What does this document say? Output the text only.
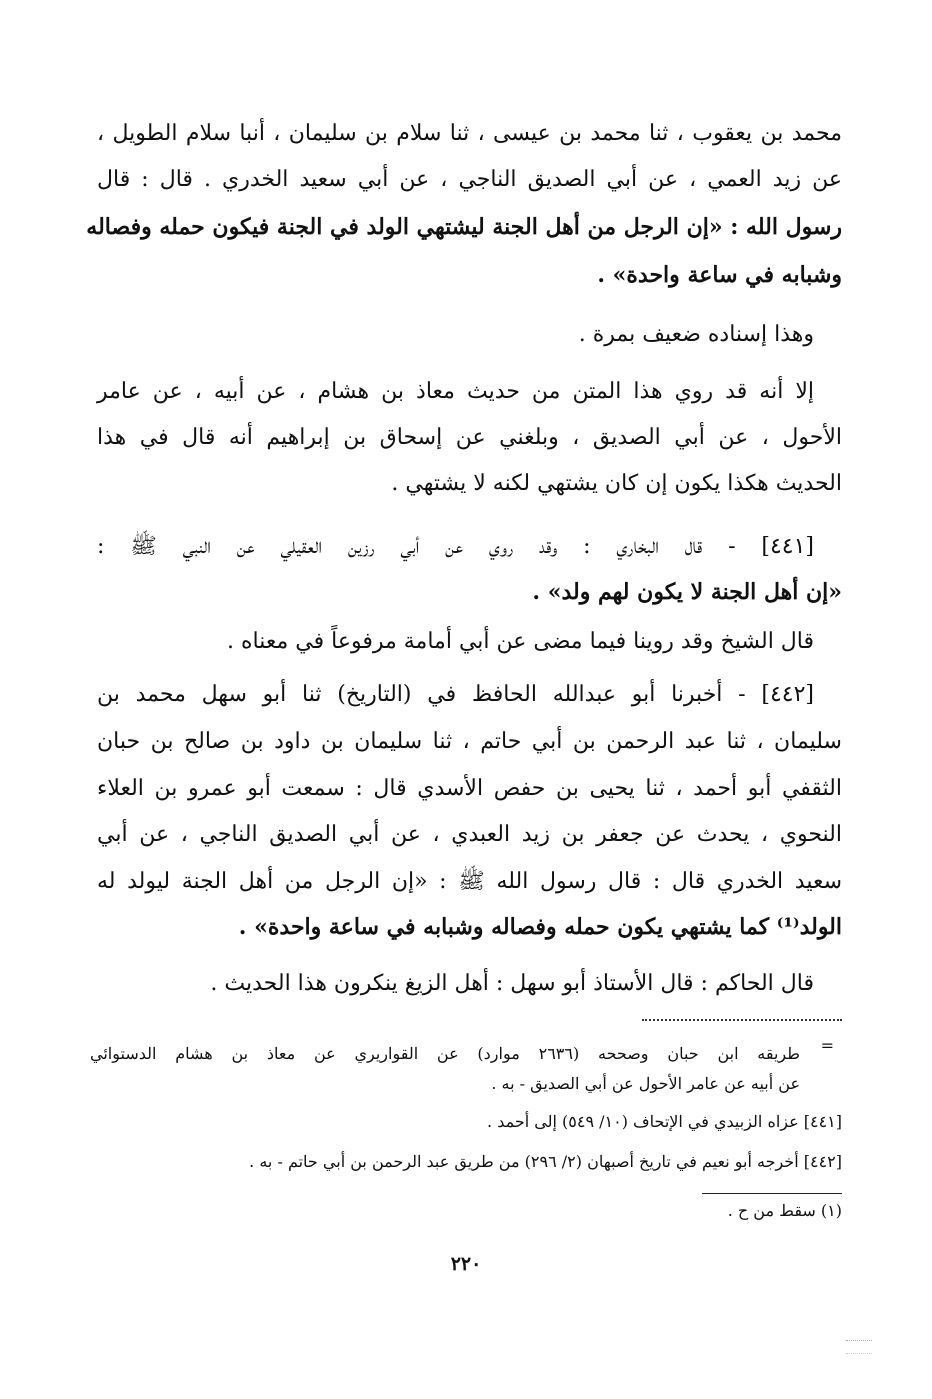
محمد بن يعقوب ، ثنا محمد بن عيسى ، ثنا سلام بن سليمان ، أنبا سلام الطويل ،
عن زيد العمي ، عن أبي الصديق الناجي ، عن أبي سعيد الخدري . قال : قال
رسول الله : «إن الرجل من أهل الجنة ليشتهي الولد في الجنة فيكون حمله وفصاله
وشبابه في ساعة واحدة» .
وهذا إسناده ضعيف بمرة .
إلا أنه قد روي هذا المتن من حديث معاذ بن هشام ، عن أبيه ، عن عامر
الأحول ، عن أبي الصديق ، وبلغني عن إسحاق بن إبراهيم أنه قال في هذا
الحديث هكذا يكون إن كان يشتهي لكنه لا يشتهي .
[٤٤١] - قال البخاري : وقد روي عن أبي رزين العقيلي عن النبي ﷺ :
«إن أهل الجنة لا يكون لهم ولد» .
قال الشيخ وقد روينا فيما مضى عن أبي أمامة مرفوعاً في معناه .
[٤٤٢] - أخبرنا أبو عبدالله الحافظ في (التاريخ) ثنا أبو سهل محمد بن
سليمان ، ثنا عبد الرحمن بن أبي حاتم ، ثنا سليمان بن داود بن صالح بن حبان
الثقفي أبو أحمد ، ثنا يحيى بن حفص الأسدي قال : سمعت أبو عمرو بن العلاء
النحوي ، يحدث عن جعفر بن زيد العبدي ، عن أبي الصديق الناجي ، عن أبي
سعيد الخدري قال : قال رسول الله ﷺ : «إن الرجل من أهل الجنة ليولد له
الولد⁽¹⁾ كما يشتهي يكون حمله وفصاله وشبابه في ساعة واحدة» .
قال الحاكم : قال الأستاذ أبو سهل : أهل الزيغ ينكرون هذا الحديث .
=
طريقه ابن حبان وصححه (٢٦٣٦ موارد) عن القواريري عن معاذ بن هشام الدستوائي
عن أبيه عن عامر الأحول عن أبي الصديق - به .
[٤٤١] عزاه الزبيدي في الإتحاف (١٠/ ٥٤٩) إلى أحمد .
[٤٤٢] أخرجه أبو نعيم في تاريخ أصبهان (٢/ ٢٩٦) من طريق عبد الرحمن بن أبي حاتم - به .
(١) سقط من ح .
٢٢٠
